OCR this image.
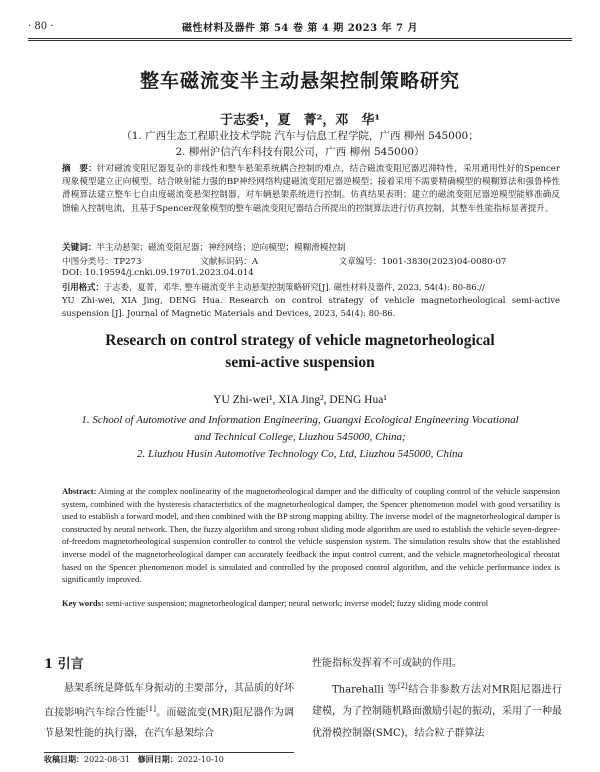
· 80 ·	磁性材料及器件 第 54 卷 第 4 期 2023 年 7 月
整车磁流变半主动悬架控制策略研究
于志委¹，夏　菁²，邓　华¹
（1. 广西生态工程职业技术学院 汽车与信息工程学院，广西 柳州 545000；
2. 柳州沪信汽车科技有限公司，广西 柳州 545000）
摘　要：针对磁流变阻尼器复杂的非线性和整车悬架系统耦合控制的难点，结合磁流变阻尼器迟滞特性，采用通用性好的Spencer现象模型建立正向模型，结合映射能力强的BP神经网络构建磁流变阻尼器逆模型；接着采用不需要精确模型的模糊算法和强鲁棒性滑模算法建立整车七自由度磁流变悬架控制器，对车辆悬架系统进行控制。仿真结果表明：建立的磁流变阻尼器逆模型能够准确反馈输入控制电流，且基于Spencer现象模型的整车磁流变阻尼器结合所提出的控制算法进行仿真控制，其整车性能指标显著提升。
关键词：半主动悬架；磁流变阻尼器；神经网络；逆向模型；模糊滑模控制
中图分类号：TP273	文献标识码：A	文章编号：1001-3830(2023)04-0080-07
DOI: 10.19594/j.cnki.09.19701.2023.04.014
引用格式：于志委，夏菁，邓华. 整车磁流变半主动悬架控制策略研究[J]. 磁性材料及器件, 2023, 54(4): 80-86.//
YU Zhi-wei, XIA Jing, DENG Hua. Research on control strategy of vehicle magnetorheological semi-active suspension [J]. Journal of Magnetic Materials and Devices, 2023, 54(4): 80-86.
Research on control strategy of vehicle magnetorheological
semi-active suspension
YU Zhi-wei¹, XIA Jing², DENG Hua¹
1. School of Automotive and Information Engineering, Guangxi Ecological Engineering Vocational
and Technical College, Liuzhou 545000, China;
2. Liuzhou Husin Automotive Technology Co, Ltd, Liuzhou 545000, China
Abstract: Aiming at the complex nonlinearity of the magnetorheological damper and the difficulty of coupling control of the vehicle suspension system, combined with the hysteresis characteristics of the magnetorheological damper, the Spencer phenomenon model with good versatility is used to establish a forward model, and then combined with the BP strong mapping ability. The inverse model of the magnetorheological damper is constructed by neural network. Then, the fuzzy algorithm and strong robust sliding mode algorithm are used to establish the vehicle seven-degree-of-freedom magnetorheological suspension controller to control the vehicle suspension system. The simulation results show that the established inverse model of the magnetorheological damper can accurately feedback the input control current, and the vehicle magnetorheological rheostat based on the Spencer phenomenon model is simulated and controlled by the proposed control algorithm, and the vehicle performance index is significantly improved.
Key words: semi-active suspension; magnetorheological damper; neural network; inverse model; fuzzy sliding mode control
1 引言
悬架系统是降低车身振动的主要部分，其品质的好坏直接影响汽车综合性能[1]。而磁流变(MR)阻尼器作为调节悬架性能的执行器，在汽车悬架综合
性能指标发挥着不可或缺的作用。
Tharehalli 等[2]结合非参数方法对MR阻尼器进行建模，为了控制随机路面激励引起的振动，采用了一种最优滑模控制器(SMC)，结合粒子群算法
收稿日期：2022-08-31 修回日期：2022-10-10
